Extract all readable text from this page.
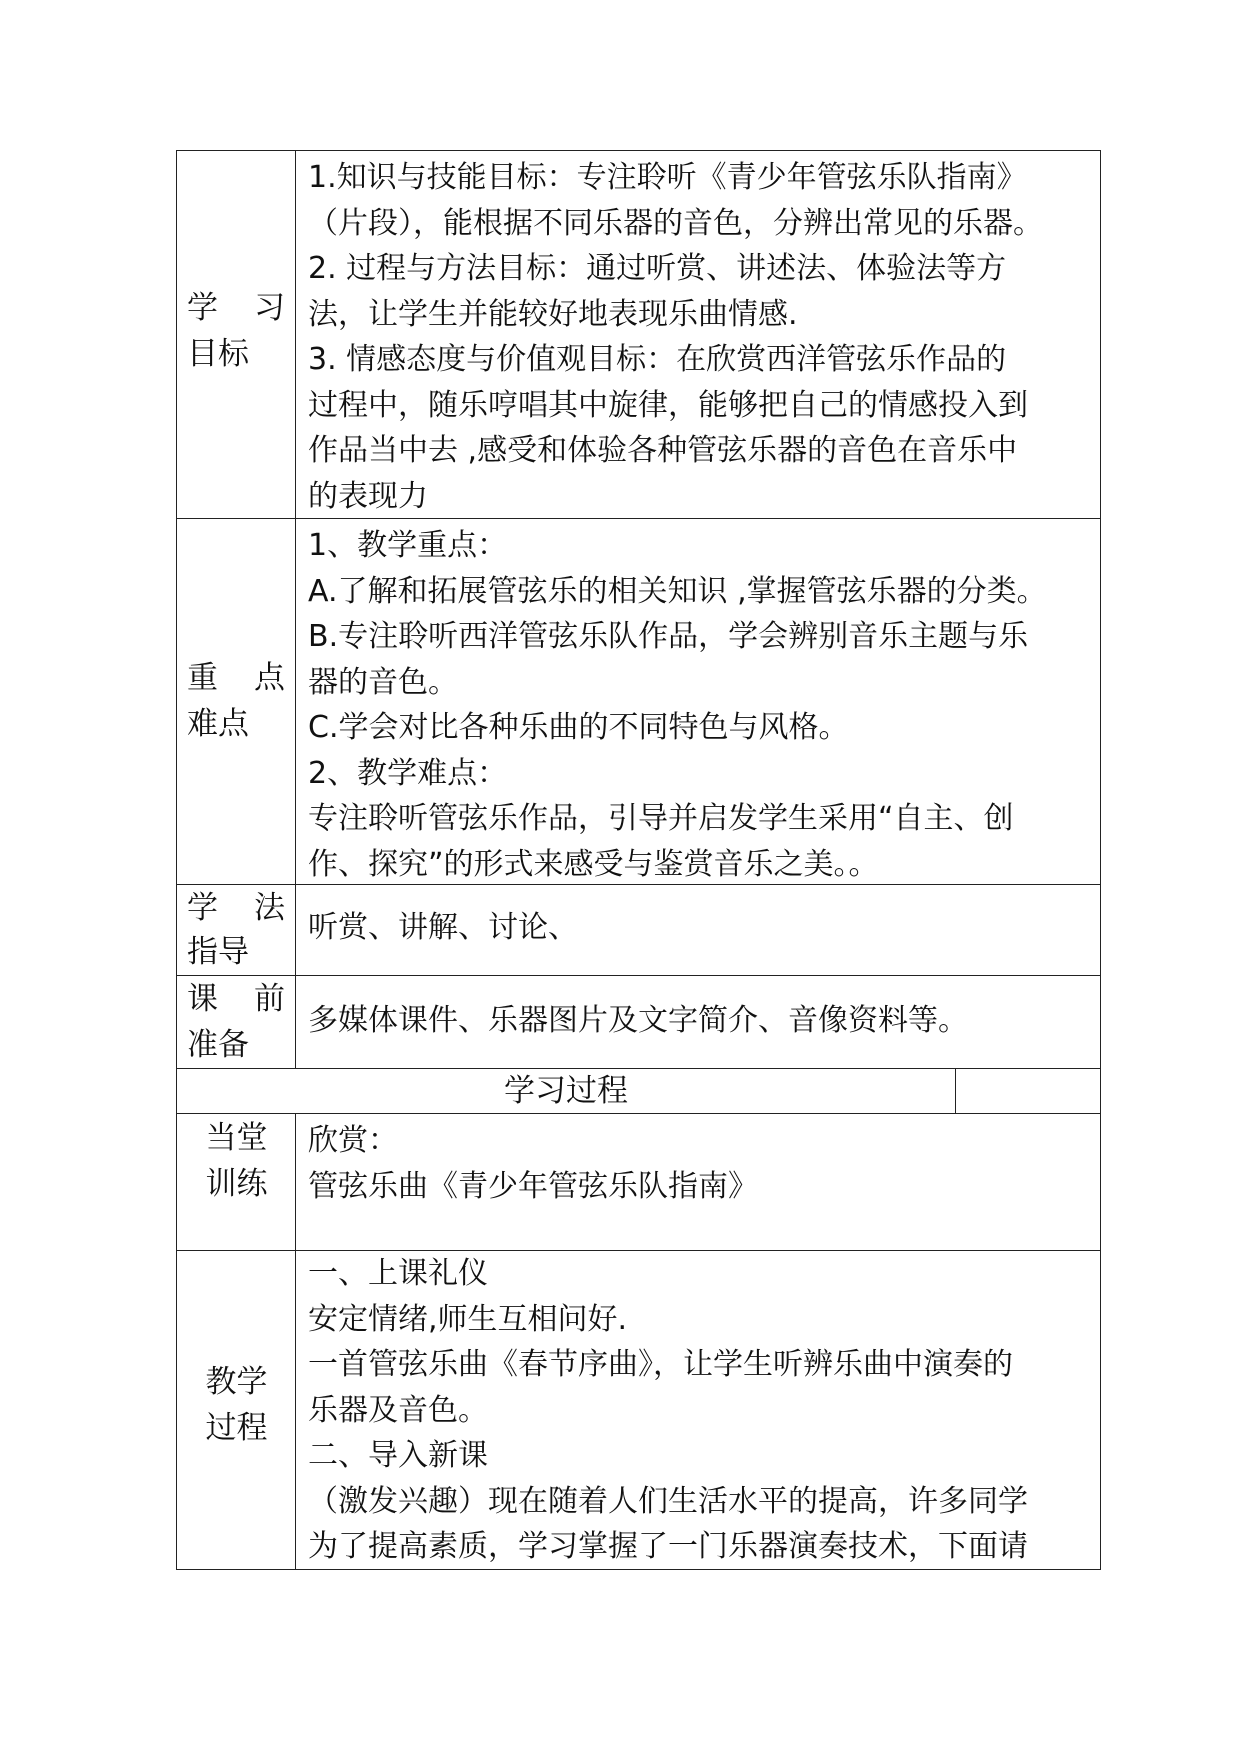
学　习
目标

1.知识与技能目标：专注聆听《青少年管弦乐队指南》

（片段），能根据不同乐器的音色，分辨出常见的乐器。

2. 过程与方法目标：通过听赏、讲述法、体验法等方

法，让学生并能较好地表现乐曲情感.

3. 情感态度与价值观目标：在欣赏西洋管弦乐作品的

过程中，随乐哼唱其中旋律，能够把自己的情感投入到

作品当中去 ,感受和体验各种管弦乐器的音色在音乐中

的表现力

重　点
难点

1、教学重点：

A.了解和拓展管弦乐的相关知识 ,掌握管弦乐器的分类。

B.专注聆听西洋管弦乐队作品，学会辨别音乐主题与乐

器的音色。

C.学会对比各种乐曲的不同特色与风格。

2、教学难点：

专注聆听管弦乐作品，引导并启发学生采用“自主、创

作、探究”的形式来感受与鉴赏音乐之美。。

学　法
指导

听赏、讲解、讨论、

课　前
准备

多媒体课件、乐器图片及文字简介、音像资料等。

学习过程
当堂
训练

欣赏：

管弦乐曲《青少年管弦乐队指南》

教学
过程

一、上课礼仪

安定情绪,师生互相问好.

一首管弦乐曲《春节序曲》，让学生听辨乐曲中演奏的

乐器及音色。

二、导入新课

（激发兴趣）现在随着人们生活水平的提高，许多同学

为了提高素质，学习掌握了一门乐器演奏技术，下面请
